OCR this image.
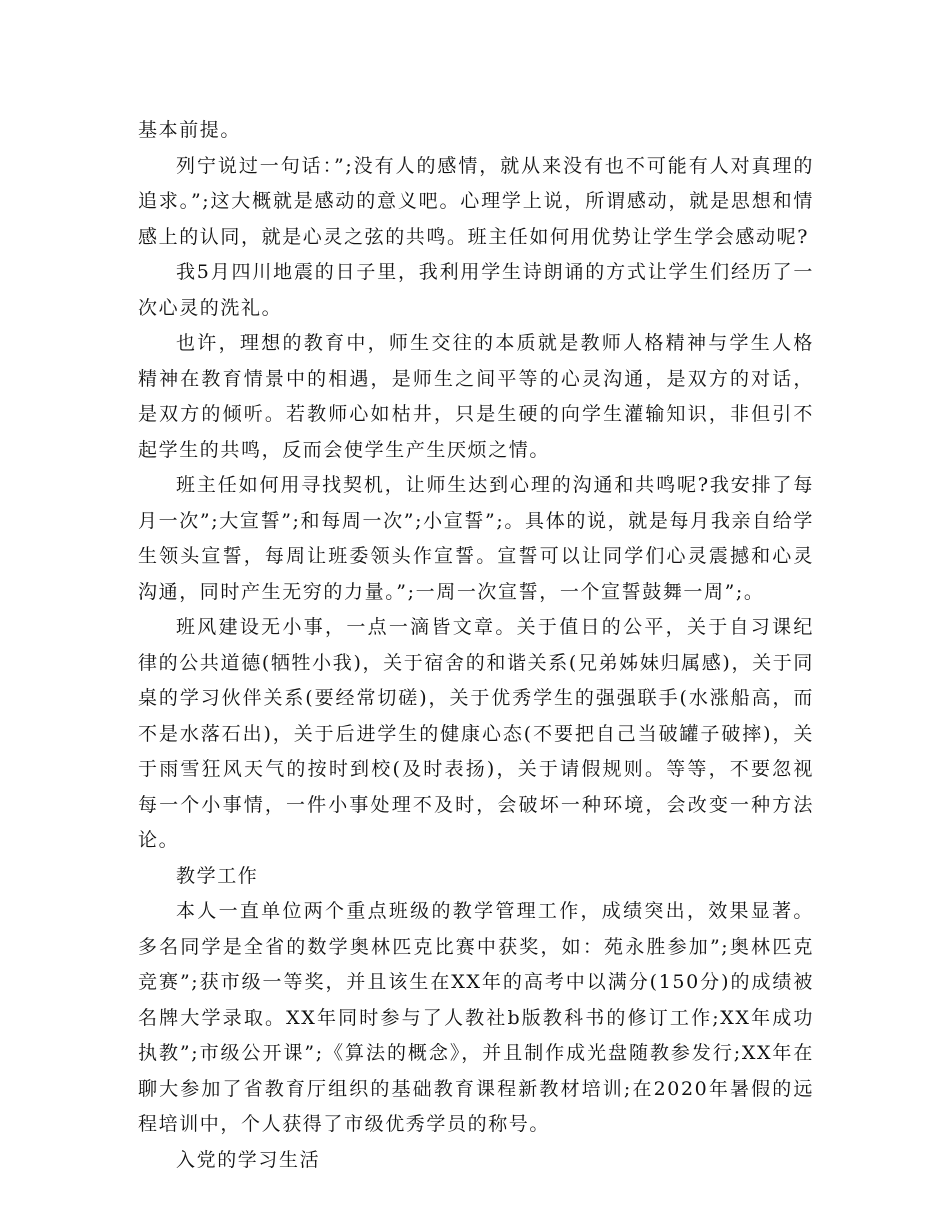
基本前提。

列宁说过一句话：”;没有人的感情，就从来没有也不可能有人对真理的追求。”;这大概就是感动的意义吧。心理学上说，所谓感动，就是思想和情感上的认同，就是心灵之弦的共鸣。班主任如何用优势让学生学会感动呢?

我5月四川地震的日子里，我利用学生诗朗诵的方式让学生们经历了一次心灵的洗礼。

也许，理想的教育中，师生交往的本质就是教师人格精神与学生人格精神在教育情景中的相遇，是师生之间平等的心灵沟通，是双方的对话，是双方的倾听。若教师心如枯井，只是生硬的向学生灌输知识，非但引不起学生的共鸣，反而会使学生产生厌烦之情。

班主任如何用寻找契机，让师生达到心理的沟通和共鸣呢?我安排了每月一次”;大宣誓”;和每周一次”;小宣誓”;。具体的说，就是每月我亲自给学生领头宣誓，每周让班委领头作宣誓。宣誓可以让同学们心灵震撼和心灵沟通，同时产生无穷的力量。”;一周一次宣誓，一个宣誓鼓舞一周”;。

班风建设无小事，一点一滴皆文章。关于值日的公平，关于自习课纪律的公共道德(牺牲小我)，关于宿舍的和谐关系(兄弟姊妹归属感)，关于同桌的学习伙伴关系(要经常切磋)，关于优秀学生的强强联手(水涨船高，而不是水落石出)，关于后进学生的健康心态(不要把自己当破罐子破摔)，关于雨雪狂风天气的按时到校(及时表扬)，关于请假规则。等等，不要忽视每一个小事情，一件小事处理不及时，会破坏一种环境，会改变一种方法论。

教学工作

本人一直单位两个重点班级的教学管理工作，成绩突出，效果显著。多名同学是全省的数学奥林匹克比赛中获奖，如：苑永胜参加”;奥林匹克竞赛”;获市级一等奖，并且该生在XX年的高考中以满分(150分)的成绩被名牌大学录取。XX年同时参与了人教社b版教科书的修订工作;XX年成功执教”;市级公开课”;《算法的概念》，并且制作成光盘随教参发行;XX年在聊大参加了省教育厅组织的基础教育课程新教材培训;在2020年暑假的远程培训中，个人获得了市级优秀学员的称号。

入党的学习生活
